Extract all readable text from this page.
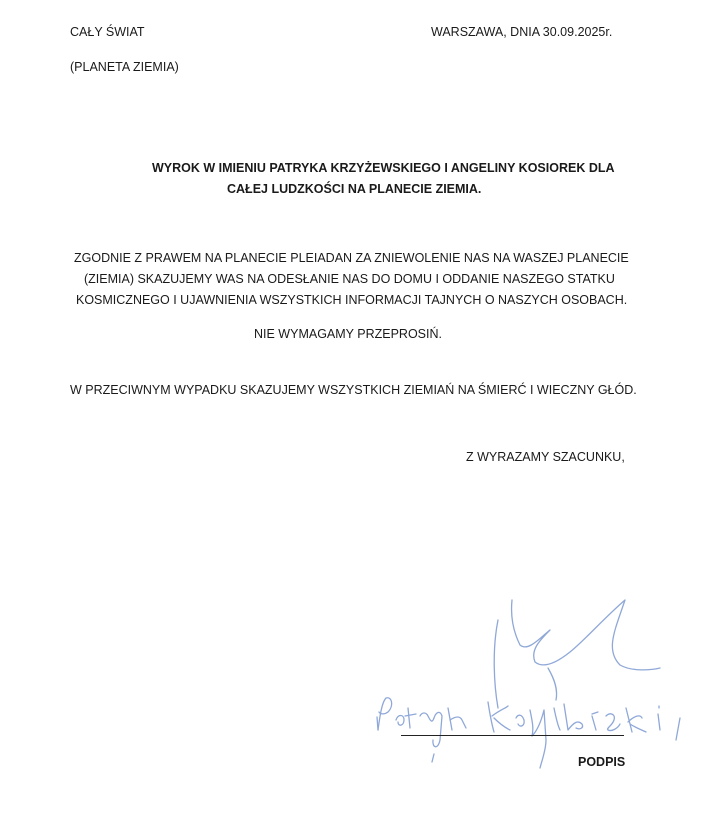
CAŁY ŚWIAT
(PLANETA ZIEMIA)
WARSZAWA, DNIA 30.09.2025r.
WYROK W IMIENIU PATRYKA KRZYŻEWSKIEGO I ANGELINY KOSIOREK DLA
CAŁEJ LUDZKOŚCI NA PLANECIE ZIEMIA.
ZGODNIE Z PRAWEM NA PLANECIE PLEIADAN ZA ZNIEWOLENIE NAS NA WASZEJ PLANECIE
(ZIEMIA) SKAZUJEMY WAS NA ODESŁANIE NAS DO DOMU I ODDANIE NASZEGO STATKU
KOSMICZNEGO I UJAWNIENIA WSZYSTKICH INFORMACJI TAJNYCH O NASZYCH OSOBACH.
NIE WYMAGAMY PRZEPROSIŃ.
W PRZECIWNYM WYPADKU SKAZUJEMY WSZYSTKICH ZIEMIAŃ NA ŚMIERĆ I WIECZNY GŁÓD.
Z WYRAZAMY SZACUNKU,
PODPIS
